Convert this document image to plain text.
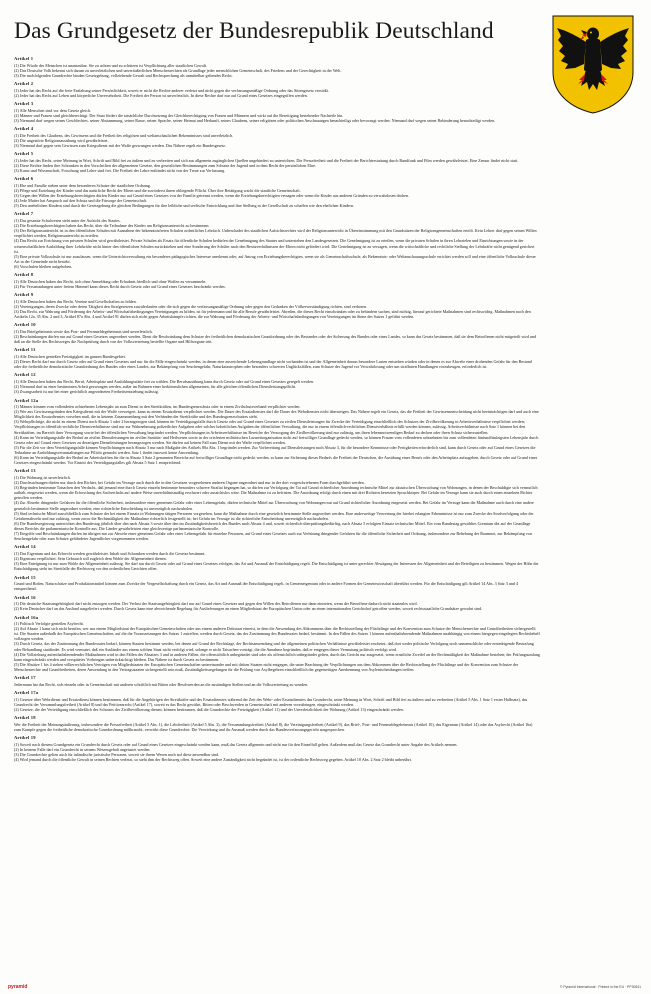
Das Grundgesetz der Bundesrepublik Deutschland
Artikel 1
(1) Die Würde des Menschen ist unantastbar. Sie zu achten und zu schützen ist Verpflichtung aller staatlichen Gewalt.
(2) Das Deutsche Volk bekennt sich darum zu unverletzlichen und unveräußerlichen Menschenrechten als Grundlage jeder menschlichen Gemeinschaft, des Friedens und der Gerechtigkeit in der Welt.
(3) Die nachfolgenden Grundrechte binden Gesetzgebung, vollziehende Gewalt und Rechtsprechung als unmittelbar geltendes Recht.
Artikel 2
(1) Jeder hat das Recht auf die freie Entfaltung seiner Persönlichkeit, soweit er nicht die Rechte anderer verletzt und nicht gegen die verfassungsmäßige Ordnung oder das Sittengesetz verstößt.
(2) Jeder hat das Recht auf Leben und körperliche Unversehrtheit. Die Freiheit der Person ist unverletzlich. In diese Rechte darf nur auf Grund eines Gesetzes eingegriffen werden.
Artikel 3
(1) Alle Menschen sind vor dem Gesetz gleich.
(2) Männer und Frauen sind gleichberechtigt. Der Staat fördert die tatsächliche Durchsetzung der Gleichberechtigung von Frauen und Männern und wirkt auf die Beseitigung bestehender Nachteile hin.
(3) Niemand darf wegen seines Geschlechtes, seiner Abstammung, seiner Rasse, seiner Sprache, seiner Heimat und Herkunft, seines Glaubens, seiner religiösen oder politischen Anschauungen benachteiligt oder bevorzugt werden. Niemand darf wegen seiner Behinderung benachteiligt werden.
Artikel 4
(1) Die Freiheit des Glaubens, des Gewissens und die Freiheit des religiösen und weltanschaulichen Bekenntnisses sind unverletzlich.
(2) Die ungestörte Religionsausübung wird gewährleistet.
(3) Niemand darf gegen sein Gewissen zum Kriegsdienst mit der Waffe gezwungen werden. Das Nähere regelt ein Bundesgesetz.
Artikel 5
(1) Jeder hat das Recht, seine Meinung in Wort, Schrift und Bild frei zu äußern und zu verbreiten und sich aus allgemein zugänglichen Quellen ungehindert zu unterrichten. Die Pressefreiheit und die Freiheit der Berichterstattung durch Rundfunk und Film werden gewährleistet. Eine Zensur findet nicht statt.
(2) Diese Rechte finden ihre Schranken in den Vorschriften der allgemeinen Gesetze, den gesetzlichen Bestimmungen zum Schutze der Jugend und in dem Recht der persönlichen Ehre.
(3) Kunst und Wissenschaft, Forschung und Lehre sind frei. Die Freiheit der Lehre entbindet nicht von der Treue zur Verfassung.
Artikel 6
(1) Ehe und Familie stehen unter dem besonderen Schutze der staatlichen Ordnung.
(2) Pflege und Erziehung der Kinder sind das natürliche Recht der Eltern und die zuvörderst ihnen obliegende Pflicht. Über ihre Betätigung wacht die staatliche Gemeinschaft.
(3) Gegen den Willen der Erziehungsberechtigten dürfen Kinder nur auf Grund eines Gesetzes von der Familie getrennt werden, wenn die Erziehungsberechtigten versagen oder wenn die Kinder aus anderen Gründen zu verwahrlosen drohen.
(4) Jede Mutter hat Anspruch auf den Schutz und die Fürsorge der Gemeinschaft.
(5) Den unehelichen Kindern sind durch die Gesetzgebung die gleichen Bedingungen für ihre leibliche und seelische Entwicklung und ihre Stellung in der Gesellschaft zu schaffen wie den ehelichen Kindern.
Artikel 7
(1) Das gesamte Schulwesen steht unter der Aufsicht des Staates.
(2) Die Erziehungsberechtigten haben das Recht, über die Teilnahme des Kindes am Religionsunterricht zu bestimmen.
(3) Der Religionsunterricht ist in den öffentlichen Schulen mit Ausnahme der bekenntnisfreien Schulen ordentliches Lehrfach. Unbeschadet des staatlichen Aufsichtsrechtes wird der Religionsunterricht in Übereinstimmung mit den Grundsätzen der Religionsgemeinschaften erteilt. Kein Lehrer darf gegen seinen Willen verpflichtet werden, Religionsunterricht zu erteilen.
(4) Das Recht zur Errichtung von privaten Schulen wird gewährleistet. Private Schulen als Ersatz für öffentliche Schulen bedürfen der Genehmigung des Staates und unterstehen den Landesgesetzen. Die Genehmigung ist zu erteilen, wenn die privaten Schulen in ihren Lehrzielen und Einrichtungen sowie in der wissenschaftlichen Ausbildung ihrer Lehrkräfte nicht hinter den öffentlichen Schulen zurückstehen und eine Sonderung der Schüler nach den Besitzverhältnissen der Eltern nicht gefördert wird. Die Genehmigung ist zu versagen, wenn die wirtschaftliche und rechtliche Stellung der Lehrkräfte nicht genügend gesichert ist.
(5) Eine private Volksschule ist nur zuzulassen, wenn die Unterrichtsverwaltung ein besonderes pädagogisches Interesse anerkennt oder, auf Antrag von Erziehungsberechtigten, wenn sie als Gemeinschaftsschule, als Bekenntnis- oder Weltanschauungsschule errichtet werden soll und eine öffentliche Volksschule dieser Art in der Gemeinde nicht besteht.
(6) Vorschulen bleiben aufgehoben.
Artikel 8
(1) Alle Deutschen haben das Recht, sich ohne Anmeldung oder Erlaubnis friedlich und ohne Waffen zu versammeln.
(2) Für Versammlungen unter freiem Himmel kann dieses Recht durch Gesetz oder auf Grund eines Gesetzes beschränkt werden.
Artikel 9
(1) Alle Deutschen haben das Recht, Vereine und Gesellschaften zu bilden.
(2) Vereinigungen, deren Zwecke oder deren Tätigkeit den Strafgesetzen zuwiderlaufen oder die sich gegen die verfassungsmäßige Ordnung oder gegen den Gedanken der Völkerverständigung richten, sind verboten.
(3) Das Recht, zur Wahrung und Förderung der Arbeits- und Wirtschaftsbedingungen Vereinigungen zu bilden, ist für jedermann und für alle Berufe gewährleistet. Abreden, die dieses Recht einschränken oder zu behindern suchen, sind nichtig, hierauf gerichtete Maßnahmen sind rechtswidrig. Maßnahmen nach den Artikeln 12a, 35 Abs. 2 und 3, Artikel 87a Abs. 4 und Artikel 91 dürfen sich nicht gegen Arbeitskämpfe richten, die zur Wahrung und Förderung der Arbeits- und Wirtschaftsbedingungen von Vereinigungen im Sinne des Satzes 1 geführt werden.
Artikel 10
(1) Das Briefgeheimnis sowie das Post- und Fernmeldegeheimnis sind unverletzlich.
(2) Beschränkungen dürfen nur auf Grund eines Gesetzes angeordnet werden. Dient die Beschränkung dem Schutze der freiheitlichen demokratischen Grundordnung oder des Bestandes oder der Sicherung des Bundes oder eines Landes, so kann das Gesetz bestimmen, daß sie dem Betroffenen nicht mitgeteilt wird und daß an die Stelle des Rechtsweges die Nachprüfung durch von der Volksvertretung bestellte Organe und Hilfsorgane tritt.
Artikel 11
(1) Alle Deutschen genießen Freizügigkeit im ganzen Bundesgebiet.
(2) Dieses Recht darf nur durch Gesetz oder auf Grund eines Gesetzes und nur für die Fälle eingeschränkt werden, in denen eine ausreichende Lebensgrundlage nicht vorhanden ist und der Allgemeinheit daraus besondere Lasten entstehen würden oder in denen es zur Abwehr einer drohenden Gefahr für den Bestand oder die freiheitliche demokratische Grundordnung des Bundes oder eines Landes, zur Bekämpfung von Seuchengefahr, Naturkatastrophen oder besonders schweren Unglücksfällen, zum Schutze der Jugend vor Verwahrlosung oder um strafbaren Handlungen vorzubeugen, erforderlich ist.
Artikel 12
(1) Alle Deutschen haben das Recht, Beruf, Arbeitsplatz und Ausbildungsstätte frei zu wählen. Die Berufsausübung kann durch Gesetz oder auf Grund eines Gesetzes geregelt werden.
(2) Niemand darf zu einer bestimmten Arbeit gezwungen werden, außer im Rahmen einer herkömmlichen allgemeinen, für alle gleichen öffentlichen Dienstleistungspflicht.
(3) Zwangsarbeit ist nur bei einer gerichtlich angeordneten Freiheitsentziehung zulässig.
Artikel 12a
(1) Männer können vom vollendeten achtzehnten Lebensjahr an zum Dienst in den Streitkräften, im Bundesgrenzschutz oder in einem Zivilschutzverband verpflichtet werden.
(2) Wer aus Gewissensgründen den Kriegsdienst mit der Waffe verweigert, kann zu einem Ersatzdienst verpflichtet werden. Die Dauer des Ersatzdienstes darf die Dauer des Wehrdienstes nicht übersteigen. Das Nähere regelt ein Gesetz, das die Freiheit der Gewissensentscheidung nicht beeinträchtigen darf und auch eine Möglichkeit des Ersatzdienstes vorsehen muß, die in keinem Zusammenhang mit den Verbänden der Streitkräfte und des Bundesgrenzschutzes steht.
(3) Wehrpflichtige, die nicht zu einem Dienst nach Absatz 1 oder 2 herangezogen sind, können im Verteidigungsfalle durch Gesetz oder auf Grund eines Gesetzes zu zivilen Dienstleistungen für Zwecke der Verteidigung einschließlich des Schutzes der Zivilbevölkerung in Arbeitsverhältnisse verpflichtet werden; Verpflichtungen in öffentlich-rechtliche Dienstverhältnisse sind nur zur Wahrnehmung polizeilicher Aufgaben oder solcher hoheitlichen Aufgaben der öffentlichen Verwaltung, die nur in einem öffentlich-rechtlichen Dienstverhältnis erfüllt werden können, zulässig. Arbeitsverhältnisse nach Satz 1 können bei den Streitkräften, im Bereich ihrer Versorgung sowie bei der öffentlichen Verwaltung begründet werden; Verpflichtungen in Arbeitsverhältnisse im Bereiche der Versorgung der Zivilbevölkerung sind nur zulässig, um ihren lebensnotwendigen Bedarf zu decken oder ihren Schutz sicherzustellen.
(4) Kann im Verteidigungsfalle der Bedarf an zivilen Dienstleistungen im zivilen Sanitäts- und Heilwesen sowie in der ortsfesten militärischen Lazarettorganisation nicht auf freiwilliger Grundlage gedeckt werden, so können Frauen vom vollendeten achtzehnten bis zum vollendeten fünfundfünfzigsten Lebensjahr durch Gesetz oder auf Grund eines Gesetzes zu derartigen Dienstleistungen herangezogen werden. Sie dürfen auf keinen Fall zum Dienst mit der Waffe verpflichtet werden.
(5) Für die Zeit vor dem Verteidigungsfalle können Verpflichtungen nach Absatz 3 nur nach Maßgabe des Artikels 80a Abs. 1 begründet werden. Zur Vorbereitung auf Dienstleistungen nach Absatz 3, für die besondere Kenntnisse oder Fertigkeiten erforderlich sind, kann durch Gesetz oder auf Grund eines Gesetzes die Teilnahme an Ausbildungsveranstaltungen zur Pflicht gemacht werden. Satz 1 findet insoweit keine Anwendung.
(6) Kann im Verteidigungsfalle der Bedarf an Arbeitskräften für die in Absatz 3 Satz 2 genannten Bereiche auf freiwilliger Grundlage nicht gedeckt werden, so kann zur Sicherung dieses Bedarfs die Freiheit der Deutschen, die Ausübung eines Berufs oder den Arbeitsplatz aufzugeben, durch Gesetz oder auf Grund eines Gesetzes eingeschränkt werden. Vor Eintritt des Verteidigungsfalles gilt Absatz 5 Satz 1 entsprechend.
Artikel 13
(1) Die Wohnung ist unverletzlich.
(2) Durchsuchungen dürfen nur durch den Richter, bei Gefahr im Verzuge auch durch die in den Gesetzen vorgesehenen anderen Organe angeordnet und nur in der dort vorgeschriebenen Form durchgeführt werden.
(3) Begründen bestimmte Tatsachen den Verdacht, daß jemand eine durch Gesetz einzeln bestimmte besonders schwere Straftat begangen hat, so dürfen zur Verfolgung der Tat auf Grund richterlicher Anordnung technische Mittel zur akustischen Überwachung von Wohnungen, in denen der Beschuldigte sich vermutlich aufhält, eingesetzt werden, wenn die Erforschung des Sachverhalts auf andere Weise unverhältnismäßig erschwert oder aussichtslos wäre. Die Maßnahme ist zu befristen. Die Anordnung erfolgt durch einen mit drei Richtern besetzten Spruchkörper. Bei Gefahr im Verzuge kann sie auch durch einen einzelnen Richter getroffen werden.
(4) Zur Abwehr dringender Gefahren für die öffentliche Sicherheit, insbesondere einer gemeinen Gefahr oder einer Lebensgefahr, dürfen technische Mittel zur Überwachung von Wohnungen nur auf Grund richterlicher Anordnung eingesetzt werden. Bei Gefahr im Verzuge kann die Maßnahme auch durch eine andere gesetzlich bestimmte Stelle angeordnet werden; eine richterliche Entscheidung ist unverzüglich nachzuholen.
(5) Sind technische Mittel ausschließlich zum Schutze der bei einem Einsatz in Wohnungen tätigen Personen vorgesehen, kann die Maßnahme durch eine gesetzlich bestimmte Stelle angeordnet werden. Eine anderweitige Verwertung der hierbei erlangten Erkenntnisse ist nur zum Zwecke der Strafverfolgung oder der Gefahrenabwehr und nur zulässig, wenn zuvor die Rechtmäßigkeit der Maßnahme richterlich festgestellt ist; bei Gefahr im Verzuge ist die richterliche Entscheidung unverzüglich nachzuholen.
(6) Die Bundesregierung unterrichtet den Bundestag jährlich über den nach Absatz 3 sowie über den im Zuständigkeitsbereich des Bundes nach Absatz 4 und, soweit richterlich überprüfungsbedürftig, nach Absatz 5 erfolgten Einsatz technischer Mittel. Ein vom Bundestag gewähltes Gremium übt auf der Grundlage dieses Berichts die parlamentarische Kontrolle aus. Die Länder gewährleisten eine gleichwertige parlamentarische Kontrolle.
(7) Eingriffe und Beschränkungen dürfen im übrigen nur zur Abwehr einer gemeinen Gefahr oder einer Lebensgefahr für einzelne Personen, auf Grund eines Gesetzes auch zur Verhütung dringender Gefahren für die öffentliche Sicherheit und Ordnung, insbesondere zur Behebung der Raumnot, zur Bekämpfung von Seuchengefahr oder zum Schutze gefährdeter Jugendlicher vorgenommen werden.
Artikel 14
(1) Das Eigentum und das Erbrecht werden gewährleistet. Inhalt und Schranken werden durch die Gesetze bestimmt.
(2) Eigentum verpflichtet. Sein Gebrauch soll zugleich dem Wohle der Allgemeinheit dienen.
(3) Eine Enteignung ist nur zum Wohle der Allgemeinheit zulässig. Sie darf nur durch Gesetz oder auf Grund eines Gesetzes erfolgen, das Art und Ausmaß der Entschädigung regelt. Die Entschädigung ist unter gerechter Abwägung der Interessen der Allgemeinheit und der Beteiligten zu bestimmen. Wegen der Höhe der Entschädigung steht im Streitfalle der Rechtsweg vor den ordentlichen Gerichten offen.
Artikel 15
Grund und Boden, Naturschätze und Produktionsmittel können zum Zwecke der Vergesellschaftung durch ein Gesetz, das Art und Ausmaß der Entschädigung regelt, in Gemeineigentum oder in andere Formen der Gemeinwirtschaft überführt werden. Für die Entschädigung gilt Artikel 14 Abs. 3 Satz 3 und 4 entsprechend.
Artikel 16
(1) Die deutsche Staatsangehörigkeit darf nicht entzogen werden. Der Verlust der Staatsangehörigkeit darf nur auf Grund eines Gesetzes und gegen den Willen des Betroffenen nur dann eintreten, wenn der Betroffene dadurch nicht staatenlos wird.
(2) Kein Deutscher darf an das Ausland ausgeliefert werden. Durch Gesetz kann eine abweichende Regelung für Auslieferungen an einen Mitgliedstaat der Europäischen Union oder an einen internationalen Gerichtshof getroffen werden, soweit rechtsstaatliche Grundsätze gewahrt sind.
Artikel 16a
(1) Politisch Verfolgte genießen Asylrecht.
(2) Auf Absatz 1 kann sich nicht berufen, wer aus einem Mitgliedstaat der Europäischen Gemeinschaften oder aus einem anderen Drittstaat einreist, in dem die Anwendung des Abkommens über die Rechtsstellung der Flüchtlinge und der Konvention zum Schutze der Menschenrechte und Grundfreiheiten sichergestellt ist. Die Staaten außerhalb der Europäischen Gemeinschaften, auf die die Voraussetzungen des Satzes 1 zutreffen, werden durch Gesetz, das der Zustimmung des Bundesrates bedarf, bestimmt. In den Fällen des Satzes 1 können aufenthaltsbeendende Maßnahmen unabhängig von einem hiergegen eingelegten Rechtsbehelf vollzogen werden.
(3) Durch Gesetz, das der Zustimmung des Bundesrates bedarf, können Staaten bestimmt werden, bei denen auf Grund der Rechtslage, der Rechtsanwendung und der allgemeinen politischen Verhältnisse gewährleistet erscheint, daß dort weder politische Verfolgung noch unmenschliche oder erniedrigende Bestrafung oder Behandlung stattfindet. Es wird vermutet, daß ein Ausländer aus einem solchen Staat nicht verfolgt wird, solange er nicht Tatsachen vorträgt, die die Annahme begründen, daß er entgegen dieser Vermutung politisch verfolgt wird.
(4) Die Vollziehung aufenthaltsbeendender Maßnahmen wird in den Fällen des Absatzes 3 und in anderen Fällen, die offensichtlich unbegründet sind oder als offensichtlich unbegründet gelten, durch das Gericht nur ausgesetzt, wenn ernstliche Zweifel an der Rechtmäßigkeit der Maßnahme bestehen; der Prüfungsumfang kann eingeschränkt werden und verspätetes Vorbringen unberücksichtigt bleiben. Das Nähere ist durch Gesetz zu bestimmen.
(5) Die Absätze 1 bis 4 stehen völkerrechtlichen Verträgen von Mitgliedstaaten der Europäischen Gemeinschaften untereinander und mit dritten Staaten nicht entgegen, die unter Beachtung der Verpflichtungen aus dem Abkommen über die Rechtsstellung der Flüchtlinge und der Konvention zum Schutze der Menschenrechte und Grundfreiheiten, deren Anwendung in den Vertragsstaaten sichergestellt sein muß, Zuständigkeitsregelungen für die Prüfung von Asylbegehren einschließlich der gegenseitigen Anerkennung von Asylentscheidungen treffen.
Artikel 17
Jedermann hat das Recht, sich einzeln oder in Gemeinschaft mit anderen schriftlich mit Bitten oder Beschwerden an die zuständigen Stellen und an die Volksvertretung zu wenden.
Artikel 17a
(1) Gesetze über Wehrdienst und Ersatzdienst können bestimmen, daß für die Angehörigen der Streitkräfte und des Ersatzdienstes während der Zeit des Wehr- oder Ersatzdienstes das Grundrecht, seine Meinung in Wort, Schrift und Bild frei zu äußern und zu verbreiten (Artikel 5 Abs. 1 Satz 1 erster Halbsatz), das Grundrecht der Versammlungsfreiheit (Artikel 8) und das Petitionsrecht (Artikel 17), soweit es das Recht gewährt, Bitten oder Beschwerden in Gemeinschaft mit anderen vorzubringen, eingeschränkt werden.
(2) Gesetze, die der Verteidigung einschließlich des Schutzes der Zivilbevölkerung dienen, können bestimmen, daß die Grundrechte der Freizügigkeit (Artikel 11) und der Unverletzlichkeit der Wohnung (Artikel 13) eingeschränkt werden.
Artikel 18
Wer die Freiheit der Meinungsäußerung, insbesondere die Pressefreiheit (Artikel 5 Abs. 1), die Lehrfreiheit (Artikel 5 Abs. 3), die Versammlungsfreiheit (Artikel 8), die Vereinigungsfreiheit (Artikel 9), das Brief-, Post- und Fernmeldegeheimnis (Artikel 10), das Eigentum (Artikel 14) oder das Asylrecht (Artikel 16a) zum Kampfe gegen die freiheitliche demokratische Grundordnung mißbraucht, verwirkt diese Grundrechte. Die Verwirkung und ihr Ausmaß werden durch das Bundesverfassungsgericht ausgesprochen.
Artikel 19
(1) Soweit nach diesem Grundgesetz ein Grundrecht durch Gesetz oder auf Grund eines Gesetzes eingeschränkt werden kann, muß das Gesetz allgemein und nicht nur für den Einzelfall gelten. Außerdem muß das Gesetz das Grundrecht unter Angabe des Artikels nennen.
(2) In keinem Falle darf ein Grundrecht in seinem Wesensgehalt angetastet werden.
(3) Die Grundrechte gelten auch für inländische juristische Personen, soweit sie ihrem Wesen nach auf diese anwendbar sind.
(4) Wird jemand durch die öffentliche Gewalt in seinen Rechten verletzt, so steht ihm der Rechtsweg offen. Soweit eine andere Zuständigkeit nicht begründet ist, ist der ordentliche Rechtsweg gegeben. Artikel 10 Abs. 2 Satz 2 bleibt unberührt.
pyramid	© Pyramid International · Printed in the EU · PP30541
